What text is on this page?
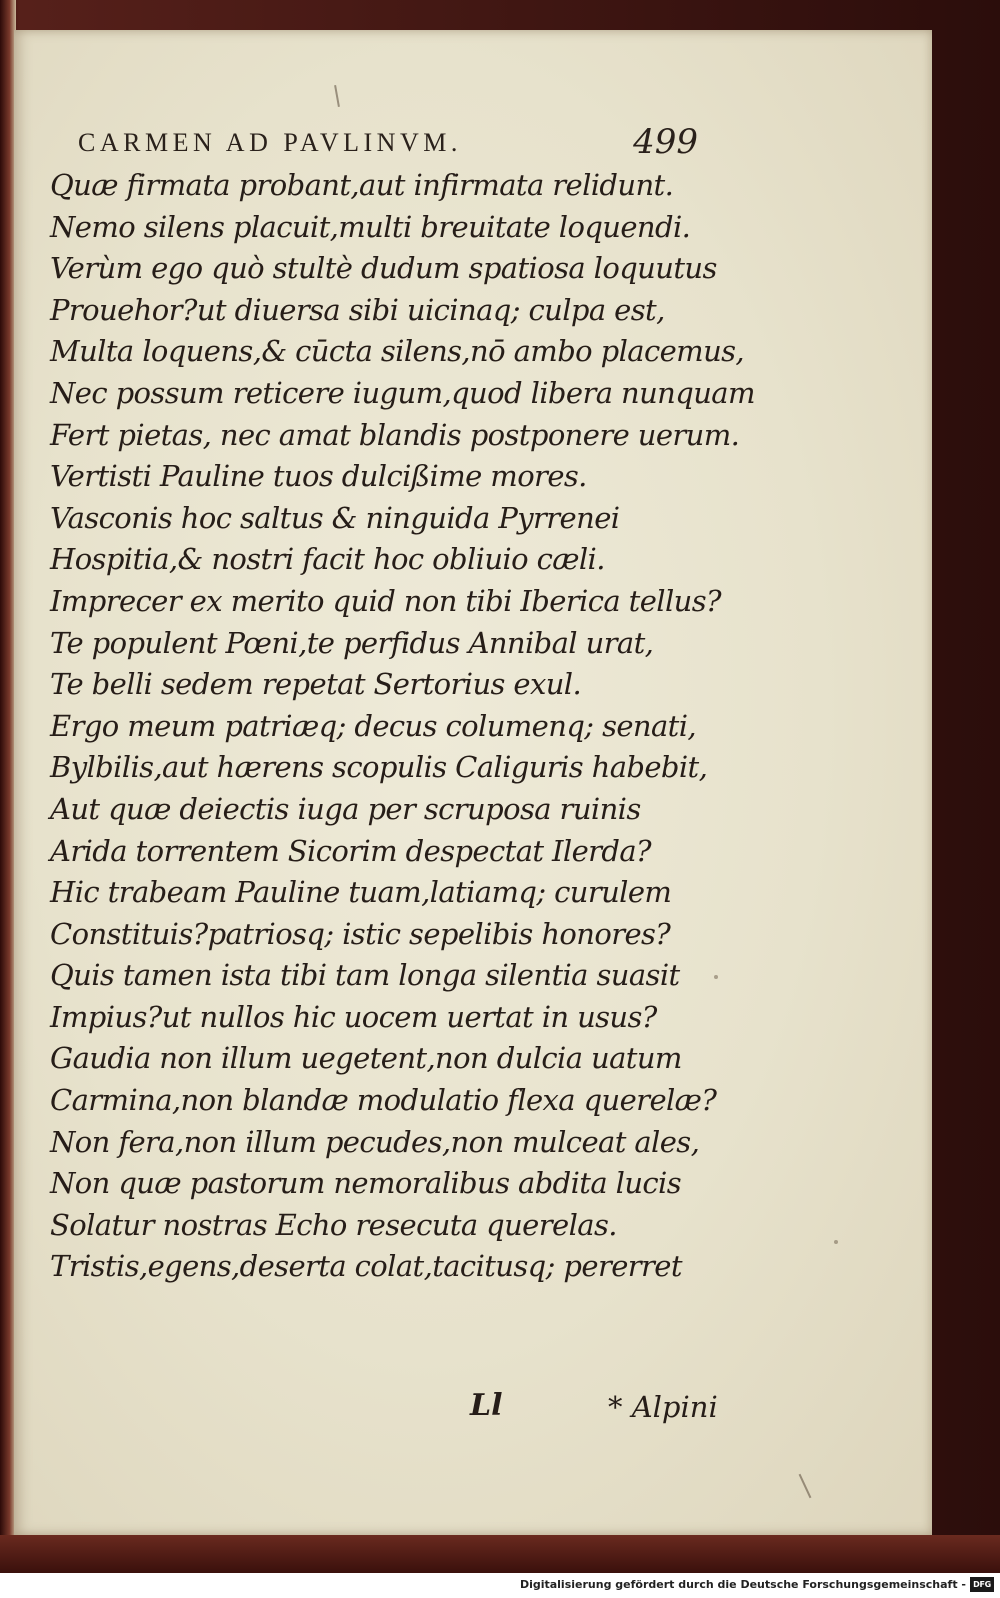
CARMEN AD PAVLINVM.	499
Quæ firmata probant,aut infirmata relidunt.
Nemo silens placuit,multi breuitate loquendi.
Verùm ego quò stultè dudum spatiosa loquutus
Prouehor?ut diuersa sibi uicinaq; culpa est,
Multa loquens,& cūcta silens,nō ambo placemus,
Nec possum reticere iugum,quod libera nunquam
Fert pietas, nec amat blandis postponere uerum.
Vertisti Pauline tuos dulcißime mores.
Vasconis hoc saltus & ninguida Pyrrenei
Hospitia,& nostri facit hoc obliuio cæli.
Imprecer ex merito quid non tibi Iberica tellus?
Te populent Pœni,te perfidus Annibal urat,
Te belli sedem repetat Sertorius exul.
Ergo meum patriæq; decus columenq; senati,
Bylbilis,aut hærens scopulis Caliguris habebit,
Aut quæ deiectis iuga per scruposa ruinis
Arida torrentem Sicorim despectat Ilerda?
Hic trabeam Pauline tuam,latiamq; curulem
Constituis?patriosq; istic sepelibis honores?
Quis tamen ista tibi tam longa silentia suasit
Impius?ut nullos hic uocem uertat in usus?
Gaudia non illum uegetent,non dulcia uatum
Carmina,non blandæ modulatio flexa querelæ?
Non fera,non illum pecudes,non mulceat ales,
Non quæ pastorum nemoralibus abdita lucis
Solatur nostras Echo resecuta querelas.
Tristis,egens,deserta colat,tacitusq; pererret
Ll	* Alpini
Digitalisierung gefördert durch die Deutsche Forschungsgemeinschaft - DFG
